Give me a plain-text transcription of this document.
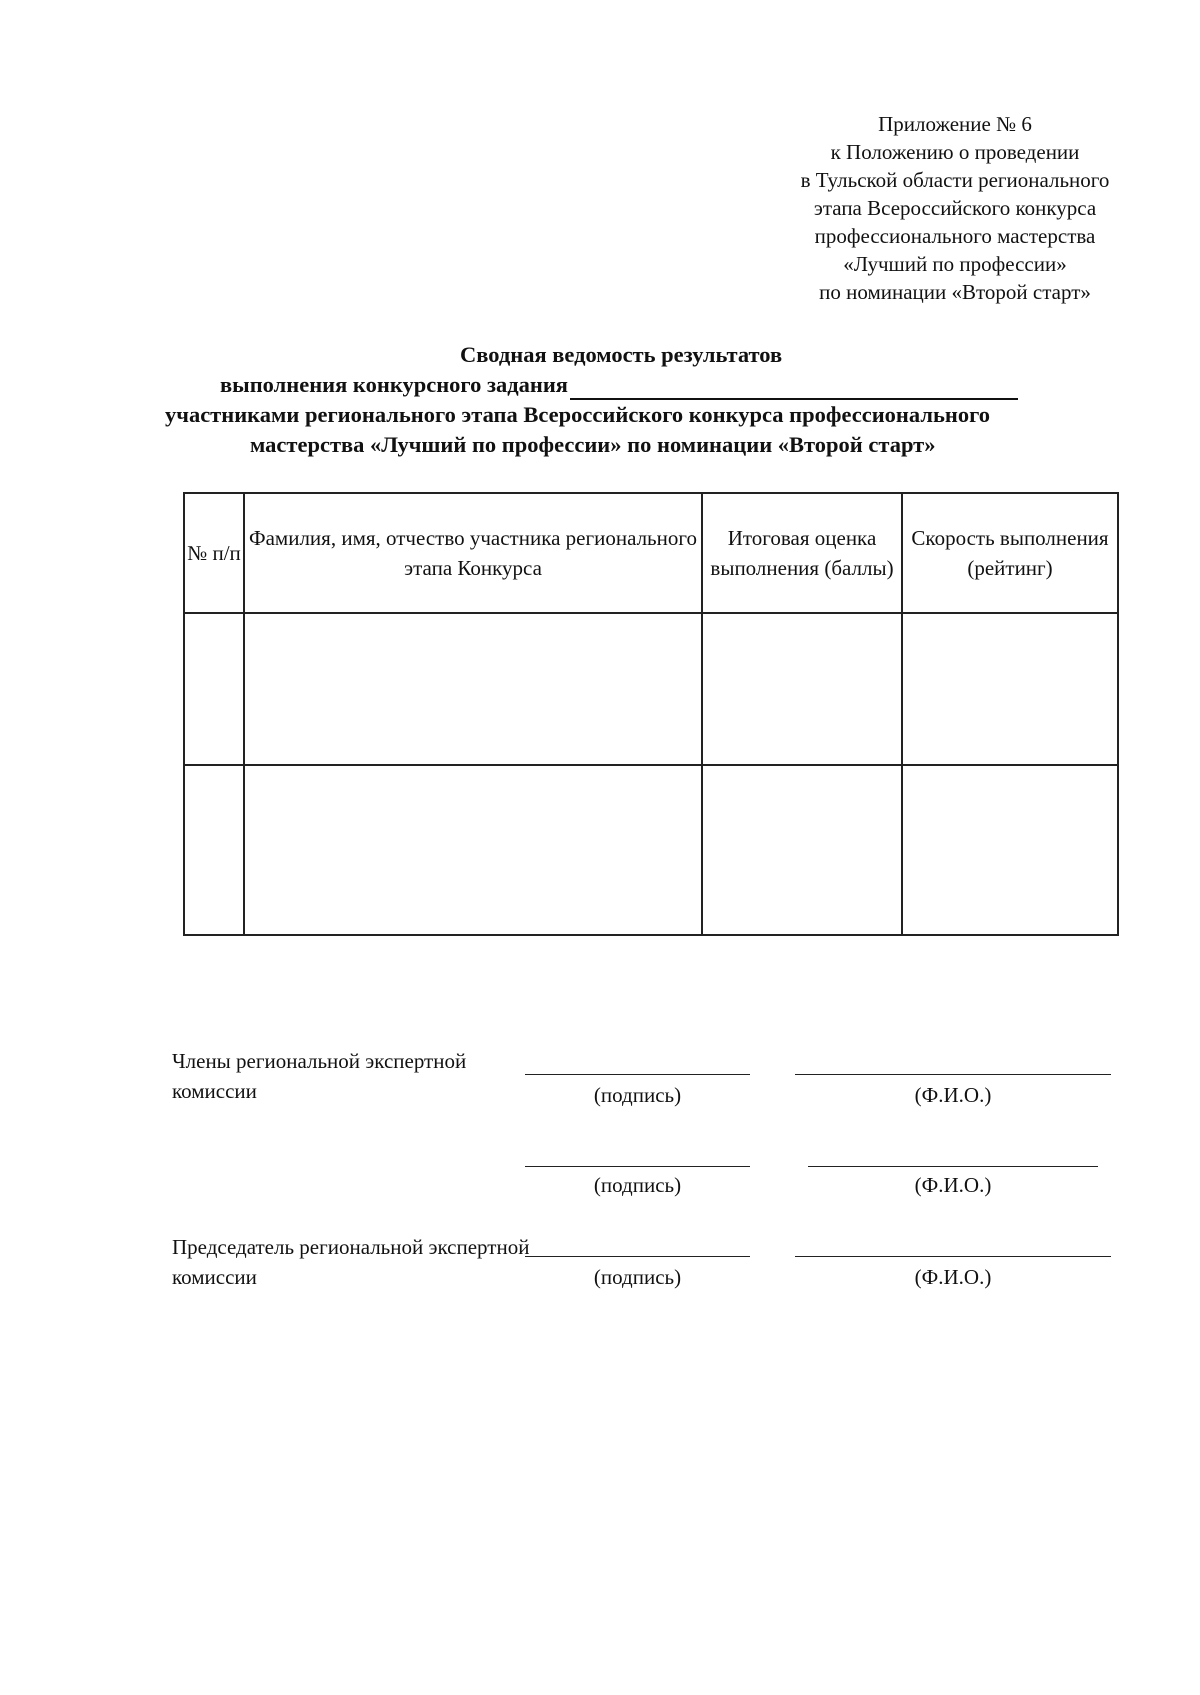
Приложение № 6
к Положению о проведении
в Тульской области регионального
этапа Всероссийского конкурса
профессионального мастерства
«Лучший по профессии»
по номинации «Второй старт»
Сводная ведомость результатов
выполнения конкурсного задания
участниками регионального этапа Всероссийского конкурса профессионального
мастерства «Лучший по профессии» по номинации «Второй старт»
№ п/п	Фамилия, имя, отчество участника регионального этапа Конкурса	Итоговая оценка выполнения (баллы)	Скорость выполнения (рейтинг)

Члены региональной экспертной комиссии	(подпись)	(Ф.И.О.)
(подпись)	(Ф.И.О.)
Председатель региональной экспертной комиссии	(подпись)	(Ф.И.О.)
